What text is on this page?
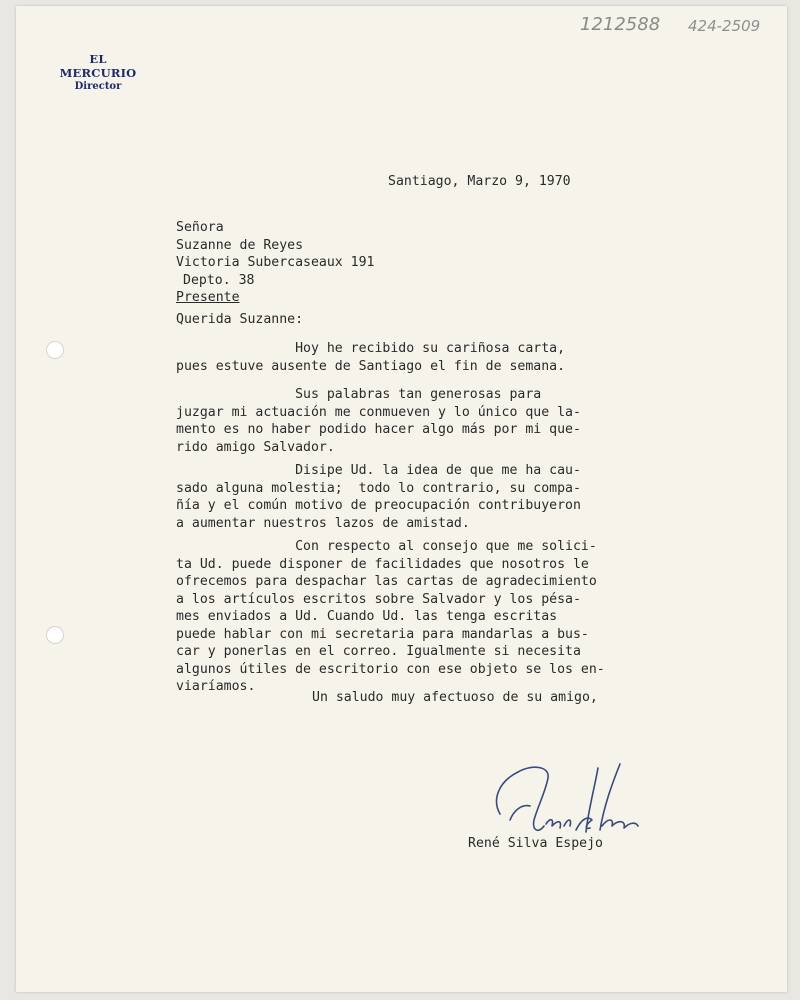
EL MERCURIO
Director
1212588 424-2509
Santiago, Marzo 9, 1970
Señora
Suzanne de Reyes
Victoria Subercaseaux 191
Depto. 38
Presente
Querida Suzanne:
Hoy he recibido su cariñosa carta,
pues estuve ausente de Santiago el fin de semana.
Sus palabras tan generosas para
juzgar mi actuación me conmueven y lo único que la-
mento es no haber podido hacer algo más por mi que-
rido amigo Salvador.
Disipe Ud. la idea de que me ha cau-
sado alguna molestia;  todo lo contrario, su compa-
ñía y el común motivo de preocupación contribuyeron
a aumentar nuestros lazos de amistad.
Con respecto al consejo que me solici-
ta Ud. puede disponer de facilidades que nosotros le
ofrecemos para despachar las cartas de agradecimiento
a los artículos escritos sobre Salvador y los pésa-
mes enviados a Ud. Cuando Ud. las tenga escritas
puede hablar con mi secretaria para mandarlas a bus-
car y ponerlas en el correo. Igualmente si necesita
algunos útiles de escritorio con ese objeto se los en-
viaríamos.
Un saludo muy afectuoso de su amigo,
René Silva Espejo
